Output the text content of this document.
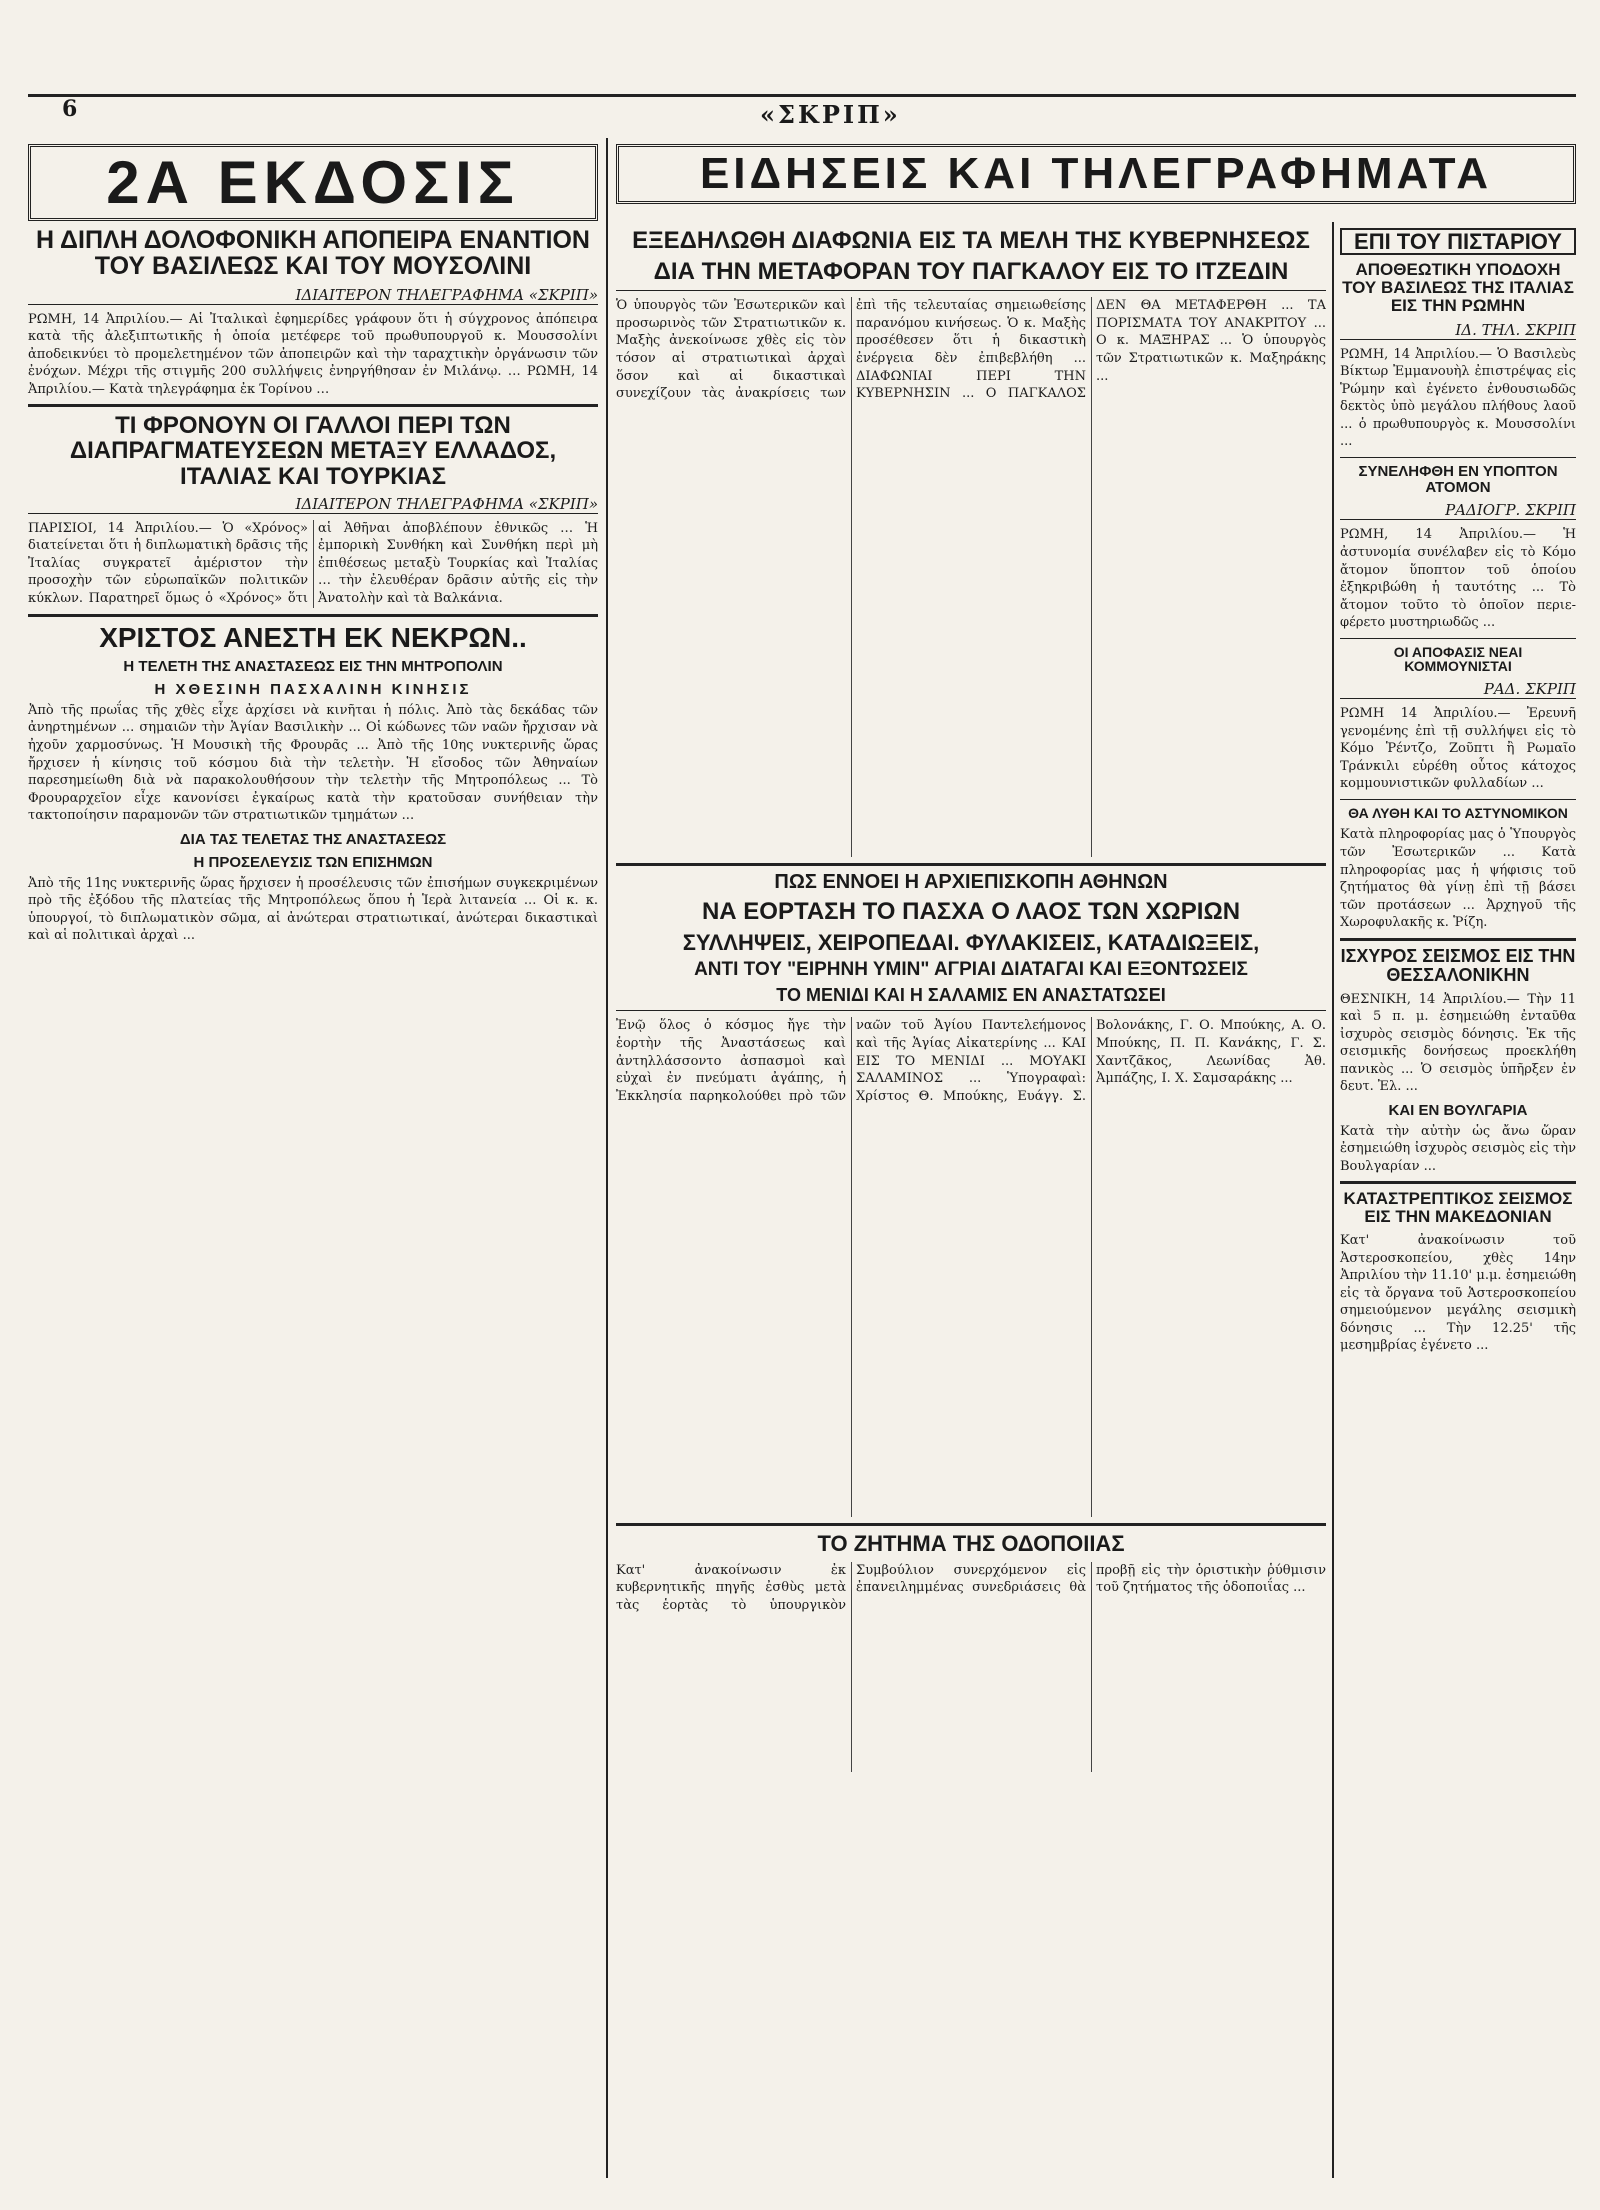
6	«ΣΚΡΙΠ»
2Α ΕΚΔΟΣΙΣ
Η ΔΙΠΛΗ ΔΟΛΟΦΟΝΙΚΗ ΑΠΟΠΕΙΡΑ ΕΝΑΝΤΙΟΝ ΤΟΥ ΒΑΣΙΛΕΩΣ ΚΑΙ ΤΟΥ ΜΟΥΣΟΛΙΝΙ
ΙΔΙΑΙΤΕΡΟΝ ΤΗΛΕΓΡΑΦΗΜΑ «ΣΚΡΙΠ»
ΡΩΜΗ, 14 Ἀπριλίου.— Αἱ Ἰταλικαὶ ἐφημερίδες γράφουν ὅτι ἡ σύγχρονος ἀπόπειρα κατὰ τῆς ἀλεξιπτωτικῆς ἡ ὁποία μετέφερε τοῦ πρωθυπουργοῦ κ. Μουσσολίνι ἀποδεικνύει τὸ προμελετημένον τῶν ἀποπειρῶν καὶ τὴν ταραχτικὴν ὀργάνωσιν τῶν ἐνόχων. Μέχρι τῆς στιγμῆς 200 συλλήψεις ἐνηργήθησαν ἐν Μιλάνῳ. … ΡΩΜΗ, 14 Ἀπριλίου.— Κατὰ τηλεγράφημα ἐκ Τορίνου …
ΤΙ ΦΡΟΝΟΥΝ ΟΙ ΓΑΛΛΟΙ ΠΕΡΙ ΤΩΝ ΔΙΑΠΡΑΓΜΑΤΕΥΣΕΩΝ ΜΕΤΑΞΥ ΕΛΛΑΔΟΣ, ΙΤΑΛΙΑΣ ΚΑΙ ΤΟΥΡΚΙΑΣ
ΙΔΙΑΙΤΕΡΟΝ ΤΗΛΕΓΡΑΦΗΜΑ «ΣΚΡΙΠ»
ΠΑΡΙΣΙΟΙ, 14 Ἀπριλίου.— Ὁ «Χρόνος» διατείνεται ὅτι ἡ διπλωματικὴ δρᾶσις τῆς Ἰταλίας συγκρατεῖ ἀμέριστον τὴν προσοχὴν τῶν εὐρωπαϊκῶν πολιτικῶν κύκλων. Παρατηρεῖ ὅμως ὁ «Χρόνος» ὅτι αἱ Ἀθῆναι ἀποβλέπουν ἐθνικῶς … Ἡ ἐμπορικὴ Συνθήκη καὶ Συνθήκη περὶ μὴ ἐπιθέσεως μεταξὺ Τουρκίας καὶ Ἰταλίας … τὴν ἐλευθέραν δρᾶσιν αὐτῆς εἰς τὴν Ἀνατολὴν καὶ τὰ Βαλκάνια.
ΧΡΙΣΤΟΣ ΑΝΕΣΤΗ ΕΚ ΝΕΚΡΩΝ..
Η ΤΕΛΕΤΗ ΤΗΣ ΑΝΑΣΤΑΣΕΩΣ ΕΙΣ ΤΗΝ ΜΗΤΡΟΠΟΛΙΝ
Η ΧΘΕΣΙΝΗ ΠΑΣΧΑΛΙΝΗ ΚΙΝΗΣΙΣ
Ἀπὸ τῆς πρωΐας τῆς χθὲς εἶχε ἀρχίσει νὰ κινῆται ἡ πόλις. Ἀπὸ τὰς δεκάδας τῶν ἀνηρτημένων ... σημαιῶν τὴν Ἁγίαν Βασιλικὴν ... Οἱ κώδωνες τῶν ναῶν ἤρχισαν νὰ ἠχοῦν χαρμοσύνως. Ἡ Μουσικὴ τῆς Φρουρᾶς ... Ἀπὸ τῆς 10ης νυκτερινῆς ὥρας ἤρχισεν ἡ κίνησις τοῦ κόσμου διὰ τὴν τελετὴν. Ἡ εἴσοδος τῶν Ἀθηναίων παρεσημείωθη διὰ νὰ παρακολουθήσουν τὴν τελετὴν τῆς Μητροπόλεως ... Τὸ Φρουραρχεῖον εἶχε κανονίσει ἐγκαίρως κατὰ τὴν κρατοῦσαν συνήθειαν τὴν τακτοποίησιν παραμονῶν τῶν στρατιωτικῶν τμημάτων ...
ΔΙΑ ΤΑΣ ΤΕΛΕΤΑΣ ΤΗΣ ΑΝΑΣΤΑΣΕΩΣ
Η ΠΡΟΣΕΛΕΥΣΙΣ ΤΩΝ ΕΠΙΣΗΜΩΝ
Ἀπὸ τῆς 11ης νυκτερινῆς ὥρας ἤρχισεν ἡ προσέλευσις τῶν ἐπισήμων συγκεκριμένων πρὸ τῆς ἐξόδου τῆς πλατείας τῆς Μητροπόλεως ὅπου ἡ Ἱερὰ λιτανεία ... Οἱ κ. κ. ὑπουργοί, τὸ διπλωματικὸν σῶμα, αἱ ἀνώτεραι στρατιωτικαί, ἀνώτεραι δικαστικαὶ καὶ αἱ πολιτικαὶ ἀρχαὶ ...
ΕΙΔΗΣΕΙΣ ΚΑΙ ΤΗΛΕΓΡΑΦΗΜΑΤΑ
ΕΞΕΔΗΛΩΘΗ ΔΙΑΦΩΝΙΑ ΕΙΣ ΤΑ ΜΕΛΗ ΤΗΣ ΚΥΒΕΡΝΗΣΕΩΣ
ΔΙΑ ΤΗΝ ΜΕΤΑΦΟΡΑΝ ΤΟΥ ΠΑΓΚΑΛΟΥ ΕΙΣ ΤΟ ΙΤΖΕΔΙΝ
Ὁ ὑπουργὸς τῶν Ἐσωτερικῶν καὶ προσωρινὸς τῶν Στρατιωτικῶν κ. Μαξὴς ἀνεκοίνωσε χθὲς εἰς τὸν τόσον αἱ στρατιωτικαὶ ἀρχαὶ ὅσον καὶ αἱ δικαστικαὶ συνεχίζουν τὰς ἀνακρίσεις των ἐπὶ τῆς τελευταίας σημειωθείσης παρανόμου κινήσεως. Ὁ κ. Μαξὴς προσέθεσεν ὅτι ἡ δικαστικὴ ἐνέργεια δὲν ἐπιβεβλήθη ... ΔΙΑΦΩΝΙΑΙ ΠΕΡΙ ΤΗΝ ΚΥΒΕΡΝΗΣΙΝ ... Ο ΠΑΓΚΑΛΟΣ ΔΕΝ ΘΑ ΜΕΤΑΦΕΡΘΗ ... ΤΑ ΠΟΡΙΣΜΑΤΑ ΤΟΥ ΑΝΑΚΡΙΤΟΥ ... Ο κ. ΜΑΞΗΡΑΣ ... Ὁ ὑπουργὸς τῶν Στρατιωτικῶν κ. Μαξηράκης ...
ΠΩΣ ΕΝΝΟΕΙ Η ΑΡΧΙΕΠΙΣΚΟΠΗ ΑΘΗΝΩΝ
ΝΑ ΕΟΡΤΑΣΗ ΤΟ ΠΑΣΧΑ Ο ΛΑΟΣ ΤΩΝ ΧΩΡΙΩΝ
ΣΥΛΛΗΨΕΙΣ, ΧΕΙΡΟΠΕΔΑΙ. ΦΥΛΑΚΙΣΕΙΣ, ΚΑΤΑΔΙΩΞΕΙΣ,
ΑΝΤΙ ΤΟΥ "ΕΙΡΗΝΗ ΥΜΙΝ" ΑΓΡΙΑΙ ΔΙΑΤΑΓΑΙ ΚΑΙ ΕΞΟΝΤΩΣΕΙΣ
ΤΟ ΜΕΝΙΔΙ ΚΑΙ Η ΣΑΛΑΜΙΣ ΕΝ ΑΝΑΣΤΑΤΩΣΕΙ
Ἐνῷ ὅλος ὁ κόσμος ἤγε τὴν ἑορτὴν τῆς Ἀναστάσεως καὶ ἀντηλλάσσοντο ἀσπασμοὶ καὶ εὐχαὶ ἐν πνεύματι ἀγάπης, ἡ Ἐκκλησία παρηκολούθει πρὸ τῶν ναῶν τοῦ Ἀγίου Παντελεήμονος καὶ τῆς Ἁγίας Αἰκατερίνης ... ΚΑΙ ΕΙΣ ΤΟ ΜΕΝΙΔΙ ... ΜΟΥΑΚΙ ΣΑΛΑΜΙΝΟΣ ... Ὑπογραφαὶ: Χρίστος Θ. Μπούκης, Ευάγγ. Σ. Βολονάκης, Γ. Ο. Μπούκης, Α. Ο. Μπούκης, Π. Π. Κανάκης, Γ. Σ. Χαντζᾶκος, Λεωνίδας Ἀθ. Ἀμπάζης, Ι. Χ. Σαμσαράκης ...
ΤΟ ΖΗΤΗΜΑ ΤΗΣ ΟΔΟΠΟΙΙΑΣ
Κατ' ἀνακοίνωσιν ἐκ κυβερνητικῆς πηγῆς ἐσθὺς μετὰ τὰς ἑορτὰς τὸ ὑπουργικὸν Συμβούλιον συνερχόμενον εἰς ἐπανειλημμένας συνεδριάσεις θὰ προβῇ εἰς τὴν ὁριστικὴν ῥύθμισιν τοῦ ζητήματος τῆς ὁδοποιΐας ...
ΕΠΙ ΤΟΥ ΠΙΣΤΑΡΙΟΥ
ΑΠΟΘΕΩΤΙΚΗ ΥΠΟΔΟΧΗ ΤΟΥ ΒΑΣΙΛΕΩΣ ΤΗΣ ΙΤΑΛΙΑΣ ΕΙΣ ΤΗΝ ΡΩΜΗΝ
ΙΔ. ΤΗΛ. ΣΚΡΙΠ
ΡΩΜΗ, 14 Ἀπριλίου.— Ὁ Βασιλεὺς Βίκτωρ Ἐμμανουὴλ ἐπιστρέψας εἰς Ῥώμην καὶ ἐγένετο ἐνθουσιωδῶς δεκτὸς ὑπὸ μεγάλου πλήθους λαοῦ ... ὁ πρωθυπουργὸς κ. Μουσσολίνι ...
ΣΥΝΕΛΗΦΘΗ ΕΝ ΥΠΟΠΤΟΝ ΑΤΟΜΟΝ
ΡΑΔΙΟΓΡ. ΣΚΡΙΠ
ΡΩΜΗ, 14 Ἀπριλίου.— Ἡ ἀστυνομία συνέλαβεν εἰς τὸ Κόμο ἄτομον ὕποπτον τοῦ ὁποίου ἐξηκριβώθη ἡ ταυτότης ... Τὸ ἄτομον τοῦτο τὸ ὁποῖον περιεφέρετο μυστηριωδῶς ...
ΟΙ ΑΠΟΦΑΣΙΣ ΝΕΑΙ ΚΟΜΜΟΥΝΙΣΤΑΙ
ΡΑΔ. ΣΚΡΙΠ
ΡΩΜΗ 14 Ἀπριλίου.— Ἐρευνῆ γενομένης ἐπὶ τῇ συλλήψει εἰς τὸ Κόμο Ῥέντζο, Ζοῦπτι ἢ Ρωμαῖο Τράνκιλι εὑρέθη οὗτος κάτοχος κομμουνιστικῶν φυλλαδίων ...
ΘΑ ΛΥΘΗ ΚΑΙ ΤΟ ΑΣΤΥΝΟΜΙΚΟΝ
Κατὰ πληροφορίας μας ὁ Ὑπουργὸς τῶν Ἐσωτερικῶν ... Κατὰ πληροφορίας μας ἡ ψήφισις τοῦ ζητήματος θὰ γίνῃ ἐπὶ τῇ βάσει τῶν προτάσεων ... Ἀρχηγοῦ τῆς Χωροφυλακῆς κ. Ῥίζη.
ΙΣΧΥΡΟΣ ΣΕΙΣΜΟΣ ΕΙΣ ΤΗΝ ΘΕΣΣΑΛΟΝΙΚΗΝ
ΘΕΣΝΙΚΗ, 14 Ἀπριλίου.— Τὴν 11 καὶ 5 π. μ. ἐσημειώθη ἐνταῦθα ἰσχυρὸς σεισμὸς δόνησις. Ἐκ τῆς σεισμικῆς δονήσεως προεκλήθη πανικὸς ... Ὁ σεισμὸς ὑπῆρξεν ἐν δευτ. Ἐλ. ...
ΚΑΙ ΕΝ ΒΟΥΛΓΑΡΙΑ
Κατὰ τὴν αὐτὴν ὡς ἄνω ὥραν ἐσημειώθη ἰσχυρὸς σεισμὸς εἰς τὴν Βουλγαρίαν ...
ΚΑΤΑΣΤΡΕΠΤΙΚΟΣ ΣΕΙΣΜΟΣ ΕΙΣ ΤΗΝ ΜΑΚΕΔΟΝΙΑΝ
Κατ' ἀνακοίνωσιν τοῦ Ἀστεροσκοπείου, χθὲς 14ην Ἀπριλίου τὴν 11.10' μ.μ. ἐσημειώθη εἰς τὰ ὄργανα τοῦ Ἀστεροσκοπείου σημειούμενον μεγάλης σεισμικὴ δόνησις ... Τὴν 12.25' τῆς μεσημβρίας ἐγένετο ...
